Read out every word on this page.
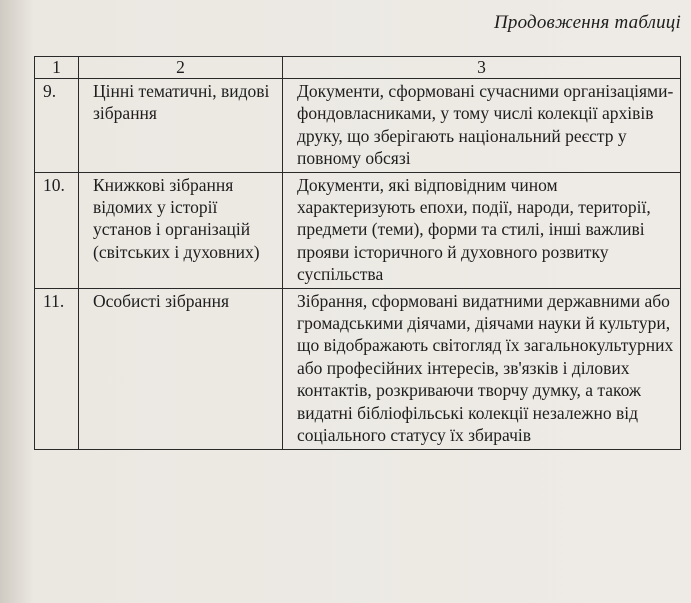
Продовження таблиці
1	2	3
9.	Цінні тематичні, видові зібрання	Документи, сформовані сучасними організаціями-фондовласниками, у тому числі колекції архівів друку, що зберігають національний реєстр у повному обсязі
10.	Книжкові зібрання відомих у історії установ і організацій (світських і духовних)	Документи, які відповідним чином характеризують епохи, події, народи, території, предмети (теми), форми та стилі, інші важливі прояви історичного й духовного розвитку суспільства
11.	Особисті зібрання	Зібрання, сформовані видатними державними або громадськими діячами, діячами науки й культури, що відображають світогляд їх загальнокультурних або професійних інтересів, зв'язків і ділових контактів, розкриваючи творчу думку, а також видатні бібліофільські колекції незалежно від соціального статусу їх збирачів
